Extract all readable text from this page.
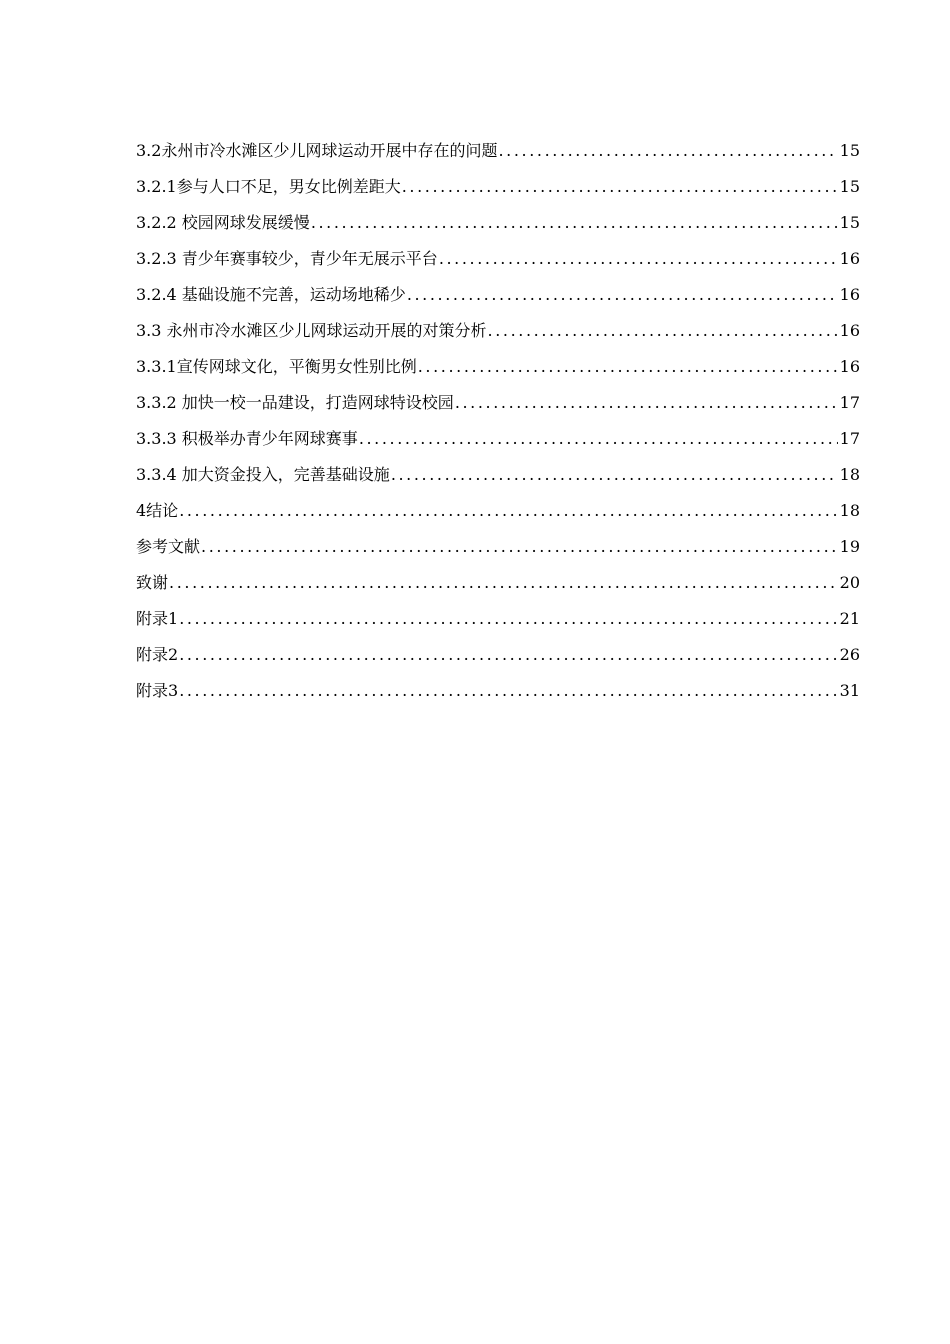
3.2永州市冷水滩区少儿网球运动开展中存在的问题 .....	15
3.2.1参与人口不足，男女比例差距大 .....	15
3.2.2 校园网球发展缓慢 .....	15
3.2.3 青少年赛事较少，青少年无展示平台 .....	16
3.2.4 基础设施不完善，运动场地稀少 .....	16
3.3 永州市冷水滩区少儿网球运动开展的对策分析 .....	16
3.3.1宣传网球文化，平衡男女性别比例 .....	16
3.3.2 加快一校一品建设，打造网球特设校园 .....	17
3.3.3 积极举办青少年网球赛事 .....	17
3.3.4 加大资金投入，完善基础设施 .....	18
4结论 .....	18
参考文献 .....	19
致谢 .....	20
附录1 .....	21
附录2 .....	26
附录3 .....	31
